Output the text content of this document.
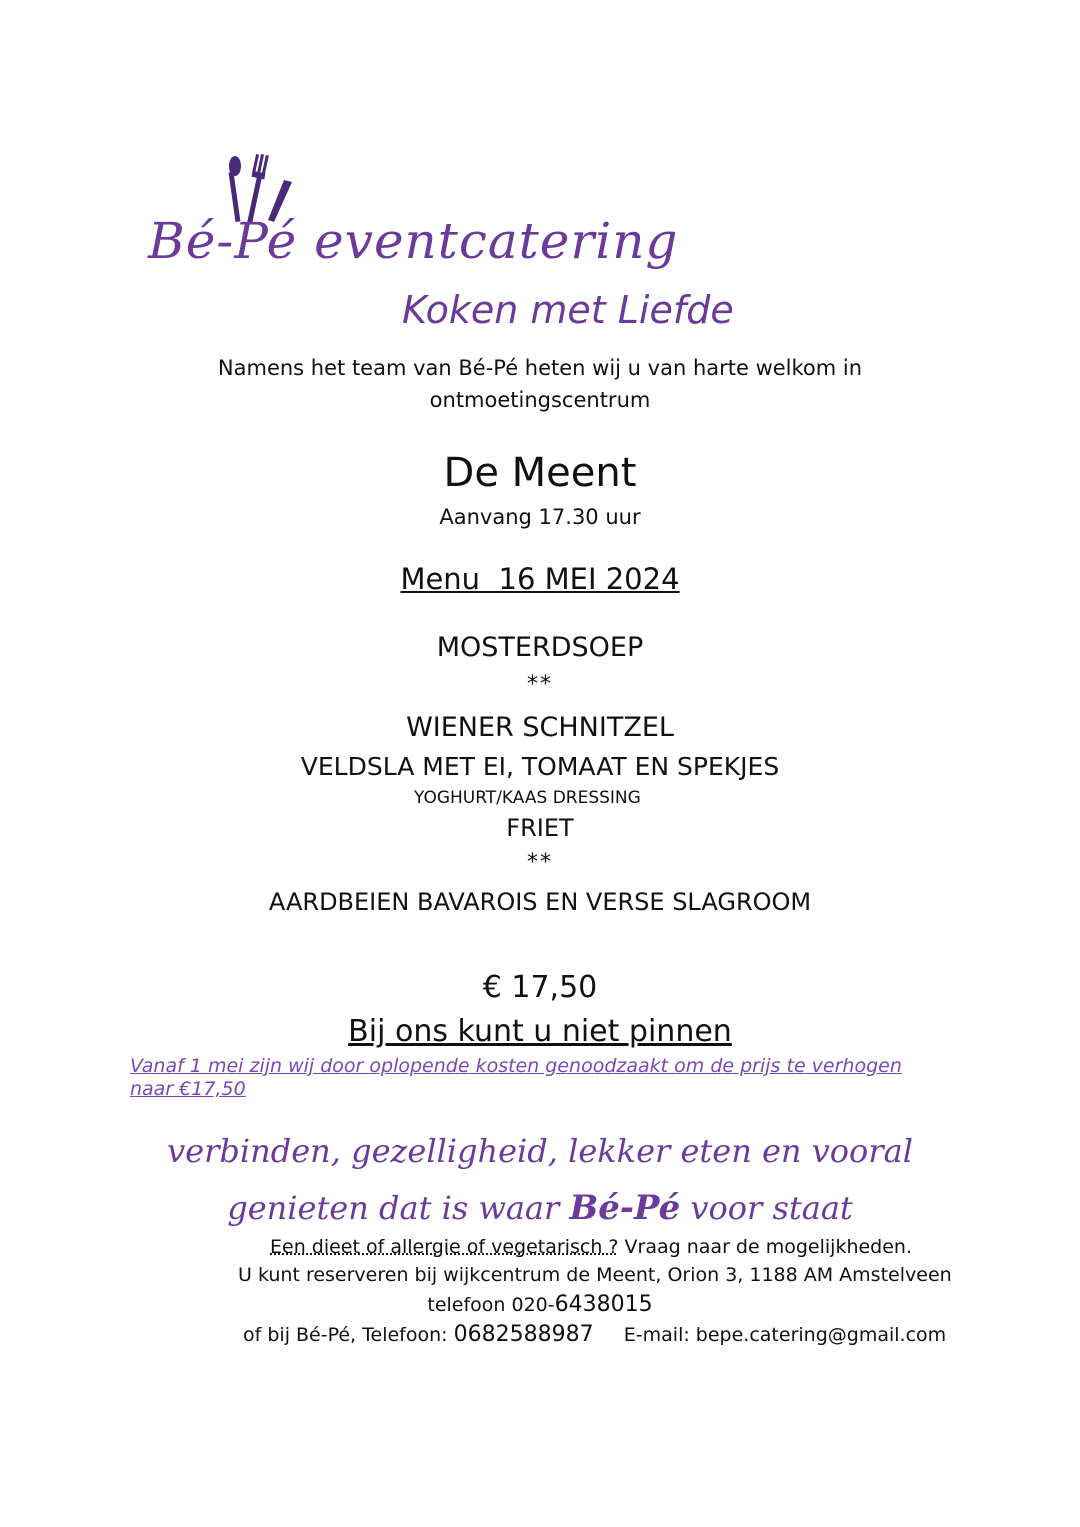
Bé-Pé eventcatering
Koken met Liefde
Namens het team van Bé-Pé heten wij u van harte welkom in
ontmoetingscentrum
De Meent
Aanvang 17.30 uur
Menu  16 MEI 2024
MOSTERDSOEP
**
WIENER SCHNITZEL
VELDSLA MET EI, TOMAAT EN SPEKJES
YOGHURT/KAAS DRESSING
FRIET
**
AARDBEIEN BAVAROIS EN VERSE SLAGROOM
€ 17,50
Bij ons kunt u niet pinnen
Vanaf 1 mei zijn wij door oplopende kosten genoodzaakt om de prijs te verhogen naar €17,50
verbinden, gezelligheid, lekker eten en vooral
genieten dat is waar Bé-Pé voor staat
Een dieet of allergie of vegetarisch ? Vraag naar de mogelijkheden.
U kunt reserveren bij wijkcentrum de Meent, Orion 3, 1188 AM Amstelveen
telefoon 020-6438015
of bij Bé-Pé, Telefoon: 0682588987     E-mail: bepe.catering@gmail.com
